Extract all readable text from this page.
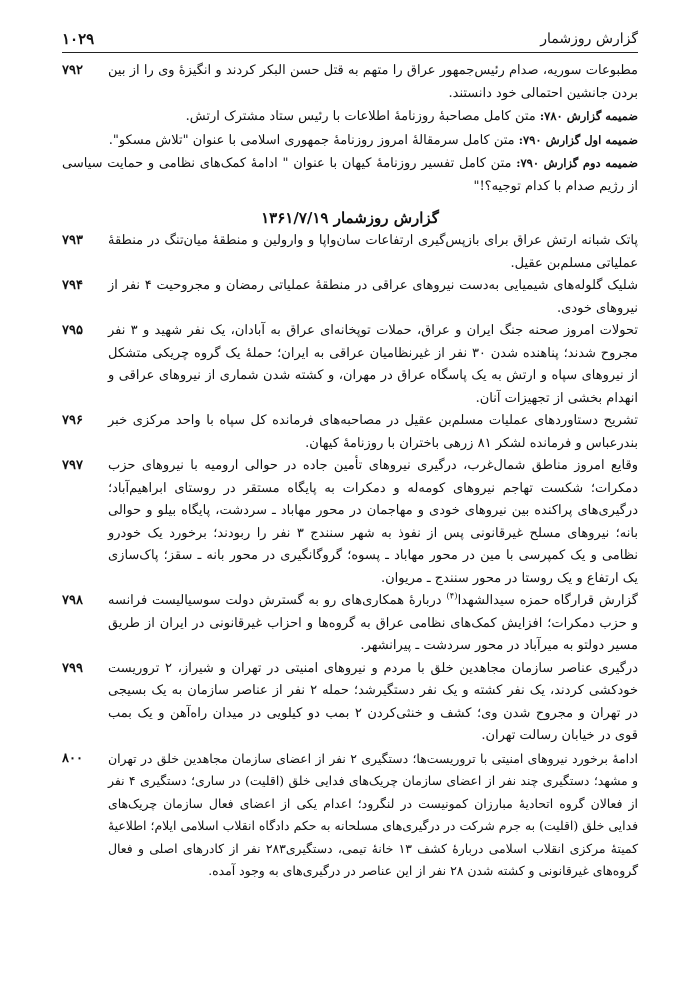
گزارش روزشمار
۱۰۲۹

۷۹۲	مطبوعات سوریه، صدام رئیس‌جمهور عراق را متهم به قتل حسن البکر کردند و انگیزهٔ وی را از بین بردن جانشین احتمالی خود دانستند.

ضمیمه گزارش ۷۸۰: متن کامل مصاحبهٔ روزنامهٔ اطلاعات با رئیس ستاد مشترک ارتش.

ضمیمه اول گزارش ۷۹۰: متن کامل سرمقالهٔ امروز روزنامهٔ جمهوری اسلامی با عنوان "تلاش مسکو".

ضمیمه دوم گزارش ۷۹۰: متن کامل تفسیر روزنامهٔ کیهان با عنوان " ادامهٔ کمک‌های نظامی و حمایت سیاسی از رژیم صدام با کدام توجیه؟!"

گزارش روزشمار ۱۳۶۱/۷/۱۹

۷۹۳	پاتک شبانه ارتش عراق برای بازپس‌گیری ارتفاعات سان‌واپا و وارولین و منطقهٔ میان‌تنگ در منطقهٔ عملیاتی مسلم‌بن عقیل.

۷۹۴	شلیک گلوله‌های شیمیایی به‌دست نیروهای عراقی در منطقهٔ عملیاتی رمضان و مجروحیت ۴ نفر از نیروهای خودی.

۷۹۵	تحولات امروز صحنه جنگ ایران و عراق، حملات توپخانه‌ای عراق به آبادان، یک نفر شهید و ۳ نفر مجروح شدند؛ پناهنده شدن ۳۰ نفر از غیرنظامیان عراقی به ایران؛ حملهٔ یک گروه چریکی متشکل از نیروهای سپاه و ارتش به یک پاسگاه عراق در مهران، و کشته شدن شماری از نیروهای عراقی و انهدام بخشی از تجهیزات آنان.

۷۹۶	تشریح دستاوردهای عملیات مسلم‌بن عقیل در مصاحبه‌های فرمانده کل سپاه با واحد مرکزی خبر بندرعباس و فرمانده لشکر ۸۱ زرهی باختران با روزنامهٔ کیهان.

۷۹۷	وقایع امروز مناطق شمال‌غرب، درگیری نیروهای تأمین جاده در حوالی ارومیه با نیروهای حزب دمکرات؛ شکست تهاجم نیروهای کومه‌له و دمکرات به پایگاه مستقر در روستای ابراهیم‌آباد؛ درگیری‌های پراکنده بین نیروهای خودی و مهاجمان در محور مهاباد ـ سردشت، پایگاه بیلو و حوالی بانه؛ نیروهای مسلح غیرقانونی پس از نفوذ به شهر سنندج ۳ نفر را ربودند؛ برخورد یک خودرو نظامی و یک کمپرسی با مین در محور مهاباد ـ پسوه؛ گروگانگیری در محور بانه ـ سقز؛ پاک‌سازی یک ارتفاع و یک روستا در محور سنندج ـ مریوان.

۷۹۸	گزارش قرارگاه حمزه سیدالشهدا$^{(۴)}$ دربارهٔ همکاری‌های رو به گسترش دولت سوسیالیست فرانسه و حزب دمکرات؛ افزایش کمک‌های نظامی عراق به گروه‌ها و احزاب غیرقانونی در ایران از طریق مسیر دولتو به میرآباد در محور سردشت ـ پیرانشهر.

۷۹۹	درگیری عناصر سازمان مجاهدین خلق با مردم و نیروهای امنیتی در تهران و شیراز، ۲ تروریست خودکشی کردند، یک نفر کشته و یک نفر دستگیرشد؛ حمله ۲ نفر از عناصر سازمان به یک بسیجی در تهران و مجروح شدن وی؛ کشف و خنثی‌کردن ۲ بمب دو کیلویی در میدان راه‌آهن و یک بمب قوی در خیابان رسالت تهران.

۸۰۰	ادامهٔ برخورد نیروهای امنیتی با تروریست‌ها؛ دستگیری ۲ نفر از اعضای سازمان مجاهدین خلق در تهران و مشهد؛ دستگیری چند نفر از اعضای سازمان چریک‌های فدایی خلق (اقلیت) در ساری؛ دستگیری ۴ نفر از فعالان گروه اتحادیهٔ مبارزان کمونیست در لنگرود؛ اعدام یکی از اعضای فعال سازمان چریک‌های فدایی خلق (اقلیت) به جرم شرکت در درگیری‌های مسلحانه به حکم دادگاه انقلاب اسلامی ایلام؛ اطلاعیهٔ کمیتهٔ مرکزی انقلاب اسلامی دربارهٔ کشف ۱۳ خانهٔ تیمی، دستگیری۲۸۳ نفر از کادرهای اصلی و فعال گروه‌های غیرقانونی و کشته شدن ۲۸ نفر از این عناصر در درگیری‌های به وجود آمده.
